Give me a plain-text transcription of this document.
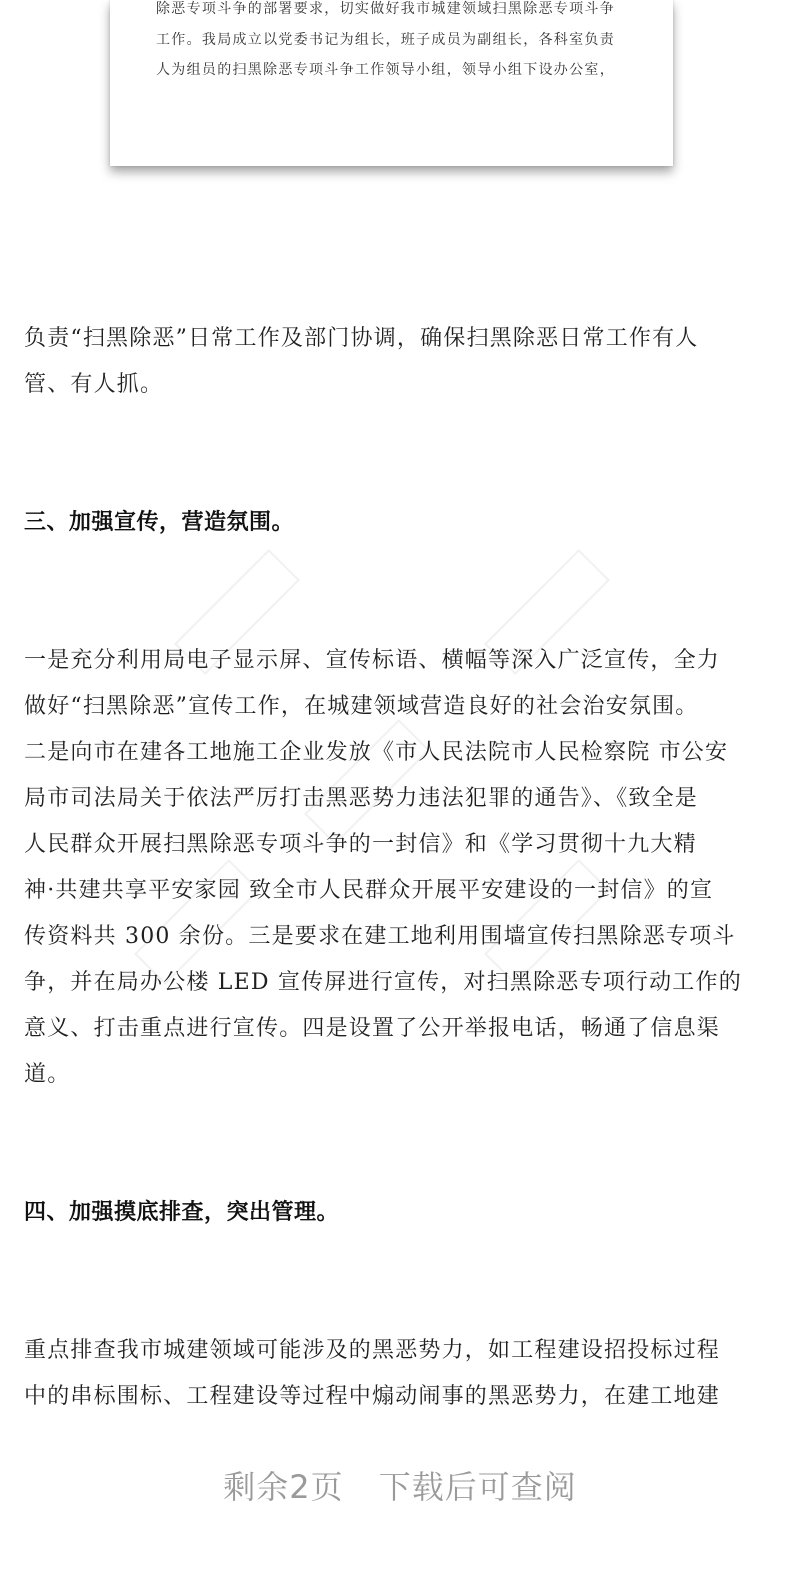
除恶专项斗争的部署要求，切实做好我市城建领域扫黑除恶专项斗争
工作。我局成立以党委书记为组长，班子成员为副组长，各科室负责
人为组员的扫黑除恶专项斗争工作领导小组，领导小组下设办公室，

负责“扫黑除恶”日常工作及部门协调，确保扫黑除恶日常工作有人
管、有人抓。

三、加强宣传，营造氛围。

一是充分利用局电子显示屏、宣传标语、横幅等深入广泛宣传，全力
做好“扫黑除恶”宣传工作，在城建领域营造良好的社会治安氛围。
二是向市在建各工地施工企业发放《市人民法院市人民检察院 市公安
局市司法局关于依法严厉打击黑恶势力违法犯罪的通告》、《致全是
人民群众开展扫黑除恶专项斗争的一封信》和《学习贯彻十九大精
神·共建共享平安家园 致全市人民群众开展平安建设的一封信》的宣
传资料共 300 余份。三是要求在建工地利用围墙宣传扫黑除恶专项斗
争，并在局办公楼 LED 宣传屏进行宣传，对扫黑除恶专项行动工作的
意义、打击重点进行宣传。四是设置了公开举报电话，畅通了信息渠
道。

四、加强摸底排查，突出管理。

重点排查我市城建领域可能涉及的黑恶势力，如工程建设招投标过程
中的串标围标、工程建设等过程中煽动闹事的黑恶势力，在建工地建

剩余2页 下载后可查阅
